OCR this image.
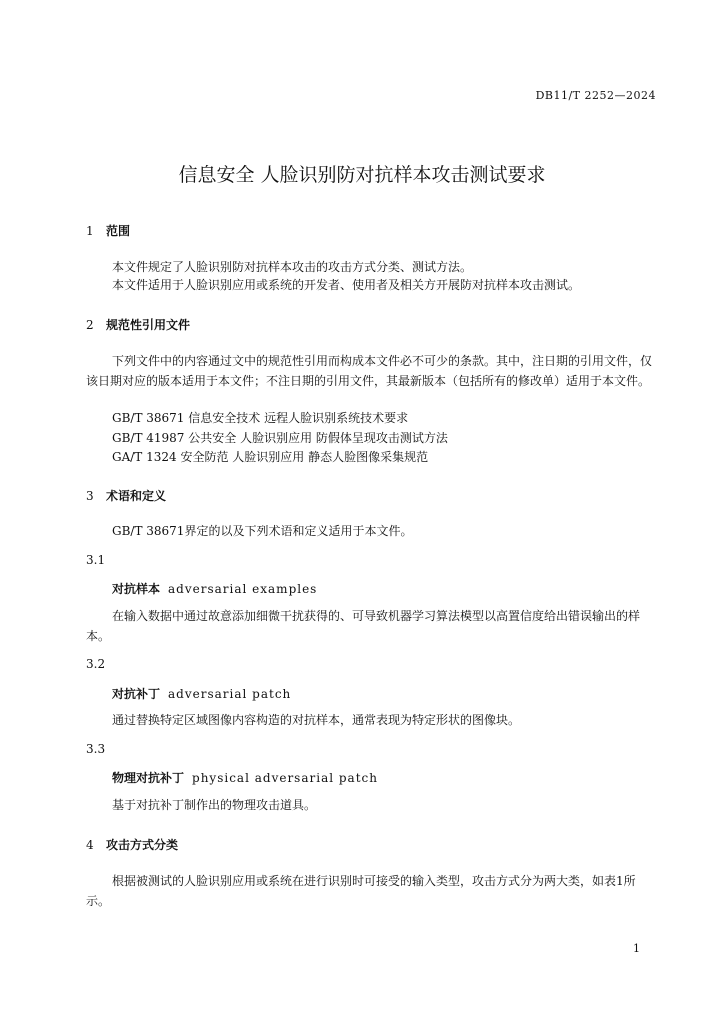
DB11/T 2252—2024
信息安全 人脸识别防对抗样本攻击测试要求
1 范围
本文件规定了人脸识别防对抗样本攻击的攻击方式分类、测试方法。
本文件适用于人脸识别应用或系统的开发者、使用者及相关方开展防对抗样本攻击测试。
2 规范性引用文件
下列文件中的内容通过文中的规范性引用而构成本文件必不可少的条款。其中，注日期的引用文件，仅该日期对应的版本适用于本文件；不注日期的引用文件，其最新版本（包括所有的修改单）适用于本文件。
GB/T 38671 信息安全技术 远程人脸识别系统技术要求
GB/T 41987 公共安全 人脸识别应用 防假体呈现攻击测试方法
GA/T 1324 安全防范 人脸识别应用 静态人脸图像采集规范
3 术语和定义
GB/T 38671界定的以及下列术语和定义适用于本文件。
3.1
对抗样本 adversarial examples
在输入数据中通过故意添加细微干扰获得的、可导致机器学习算法模型以高置信度给出错误输出的样本。
3.2
对抗补丁 adversarial patch
通过替换特定区域图像内容构造的对抗样本，通常表现为特定形状的图像块。
3.3
物理对抗补丁 physical adversarial patch
基于对抗补丁制作出的物理攻击道具。
4 攻击方式分类
根据被测试的人脸识别应用或系统在进行识别时可接受的输入类型，攻击方式分为两大类，如表1所示。
1
